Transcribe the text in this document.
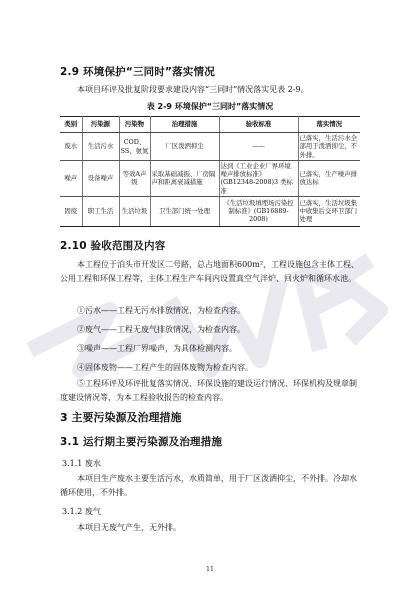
2.9 环境保护“三同时”落实情况
本项目环评及批复阶段要求建设内容“三同时”情况落实见表 2-9。
表 2-9 环境保护“三同时”落实情况
类别	污染源	污染物	治理措施	验收标准	落实情况
废水	生活污水	COD、SS、氨氮	厂区泼洒抑尘	——	已落实，生活污水全部用于泼洒抑尘，不外排。
噪声	设备噪声	等效A声级	采取基础减振、厂房隔声和距离衰减措施	达到《工业企业厂界环境噪声排放标准》(GB12348-2008)3 类标准	已落实，生产噪声排放达标
固废	职工生活	生活垃圾	卫生部门统一处理	《生活垃圾填埋场污染控制标准》(GB16889-2008)	已落实，生活垃圾集中收集后交环卫部门处理
2.10 验收范围及内容
本工程位于泊头市开发区二号路，总占地面积600m²，工程设施包含主体工程、公用工程和环保工程等，主体工程生产车间内设置真空气泮炉、回火炉和循环水池。
①污水——工程无污水排放情况，为检查内容。
②废气——工程无废气排放情况，为检查内容。
③噪声——工程厂界噪声，为具体检测内容。
④固体废物——工程产生的固体废物为检查内容。
⑤工程环评及环评批复落实情况、环保设施的建设运行情况、环保机构及规章制度建设情况等，为本工程验收报告的检查内容。
3 主要污染源及治理措施
3.1 运行期主要污染源及治理措施
3.1.1 废水
本项目生产废水主要生活污水，水质简单，用于厂区泼洒抑尘，不外排。冷却水循环使用，不外排。
3.1.2 废气
本项目无废气产生，无外排。
11
